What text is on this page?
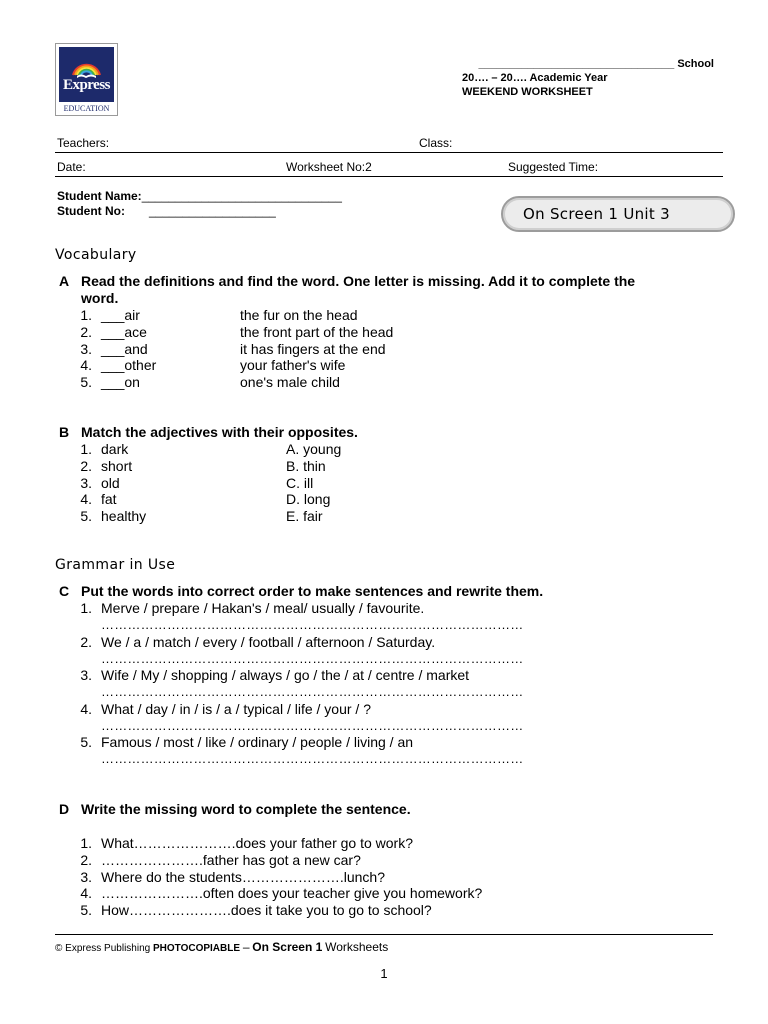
Express
EDUCATION
________________________________ School
20…. – 20…. Academic Year
WEEKEND WORKSHEET
Teachers:	Class:
Date:	Worksheet No:2	Suggested Time:
Student Name:______________________________
Student No: ___________________	On Screen 1 Unit 3
Vocabulary
A Read the definitions and find the word. One letter is missing. Add it to complete the
word.
1. ___air	the fur on the head
2. ___ace	the front part of the head
3. ___and	it has fingers at the end
4. ___other	your father's wife
5. ___on	one's male child
B Match the adjectives with their opposites.
1. dark	A. young
2. short	B. thin
3. old	C. ill
4. fat	D. long
5. healthy	E. fair
Grammar in Use
C Put the words into correct order to make sentences and rewrite them.
1. Merve / prepare / Hakan's / meal/ usually / favourite.
……………………………………………………………………………………
2. We / a / match / every / football / afternoon / Saturday.
……………………………………………………………………………………
3. Wife / My / shopping / always / go / the / at / centre / market
……………………………………………………………………………………
4. What / day / in / is / a / typical / life / your / ?
……………………………………………………………………………………
5. Famous / most / like / ordinary / people / living / an
……………………………………………………………………………………
D Write the missing word to complete the sentence.
1. What………………….does your father go to work?
2. ………………….father has got a new car?
3. Where do the students………………….lunch?
4. ………………….often does your teacher give you homework?
5. How………………….does it take you to go to school?
© Express Publishing PHOTOCOPIABLE – On Screen 1 Worksheets
1
